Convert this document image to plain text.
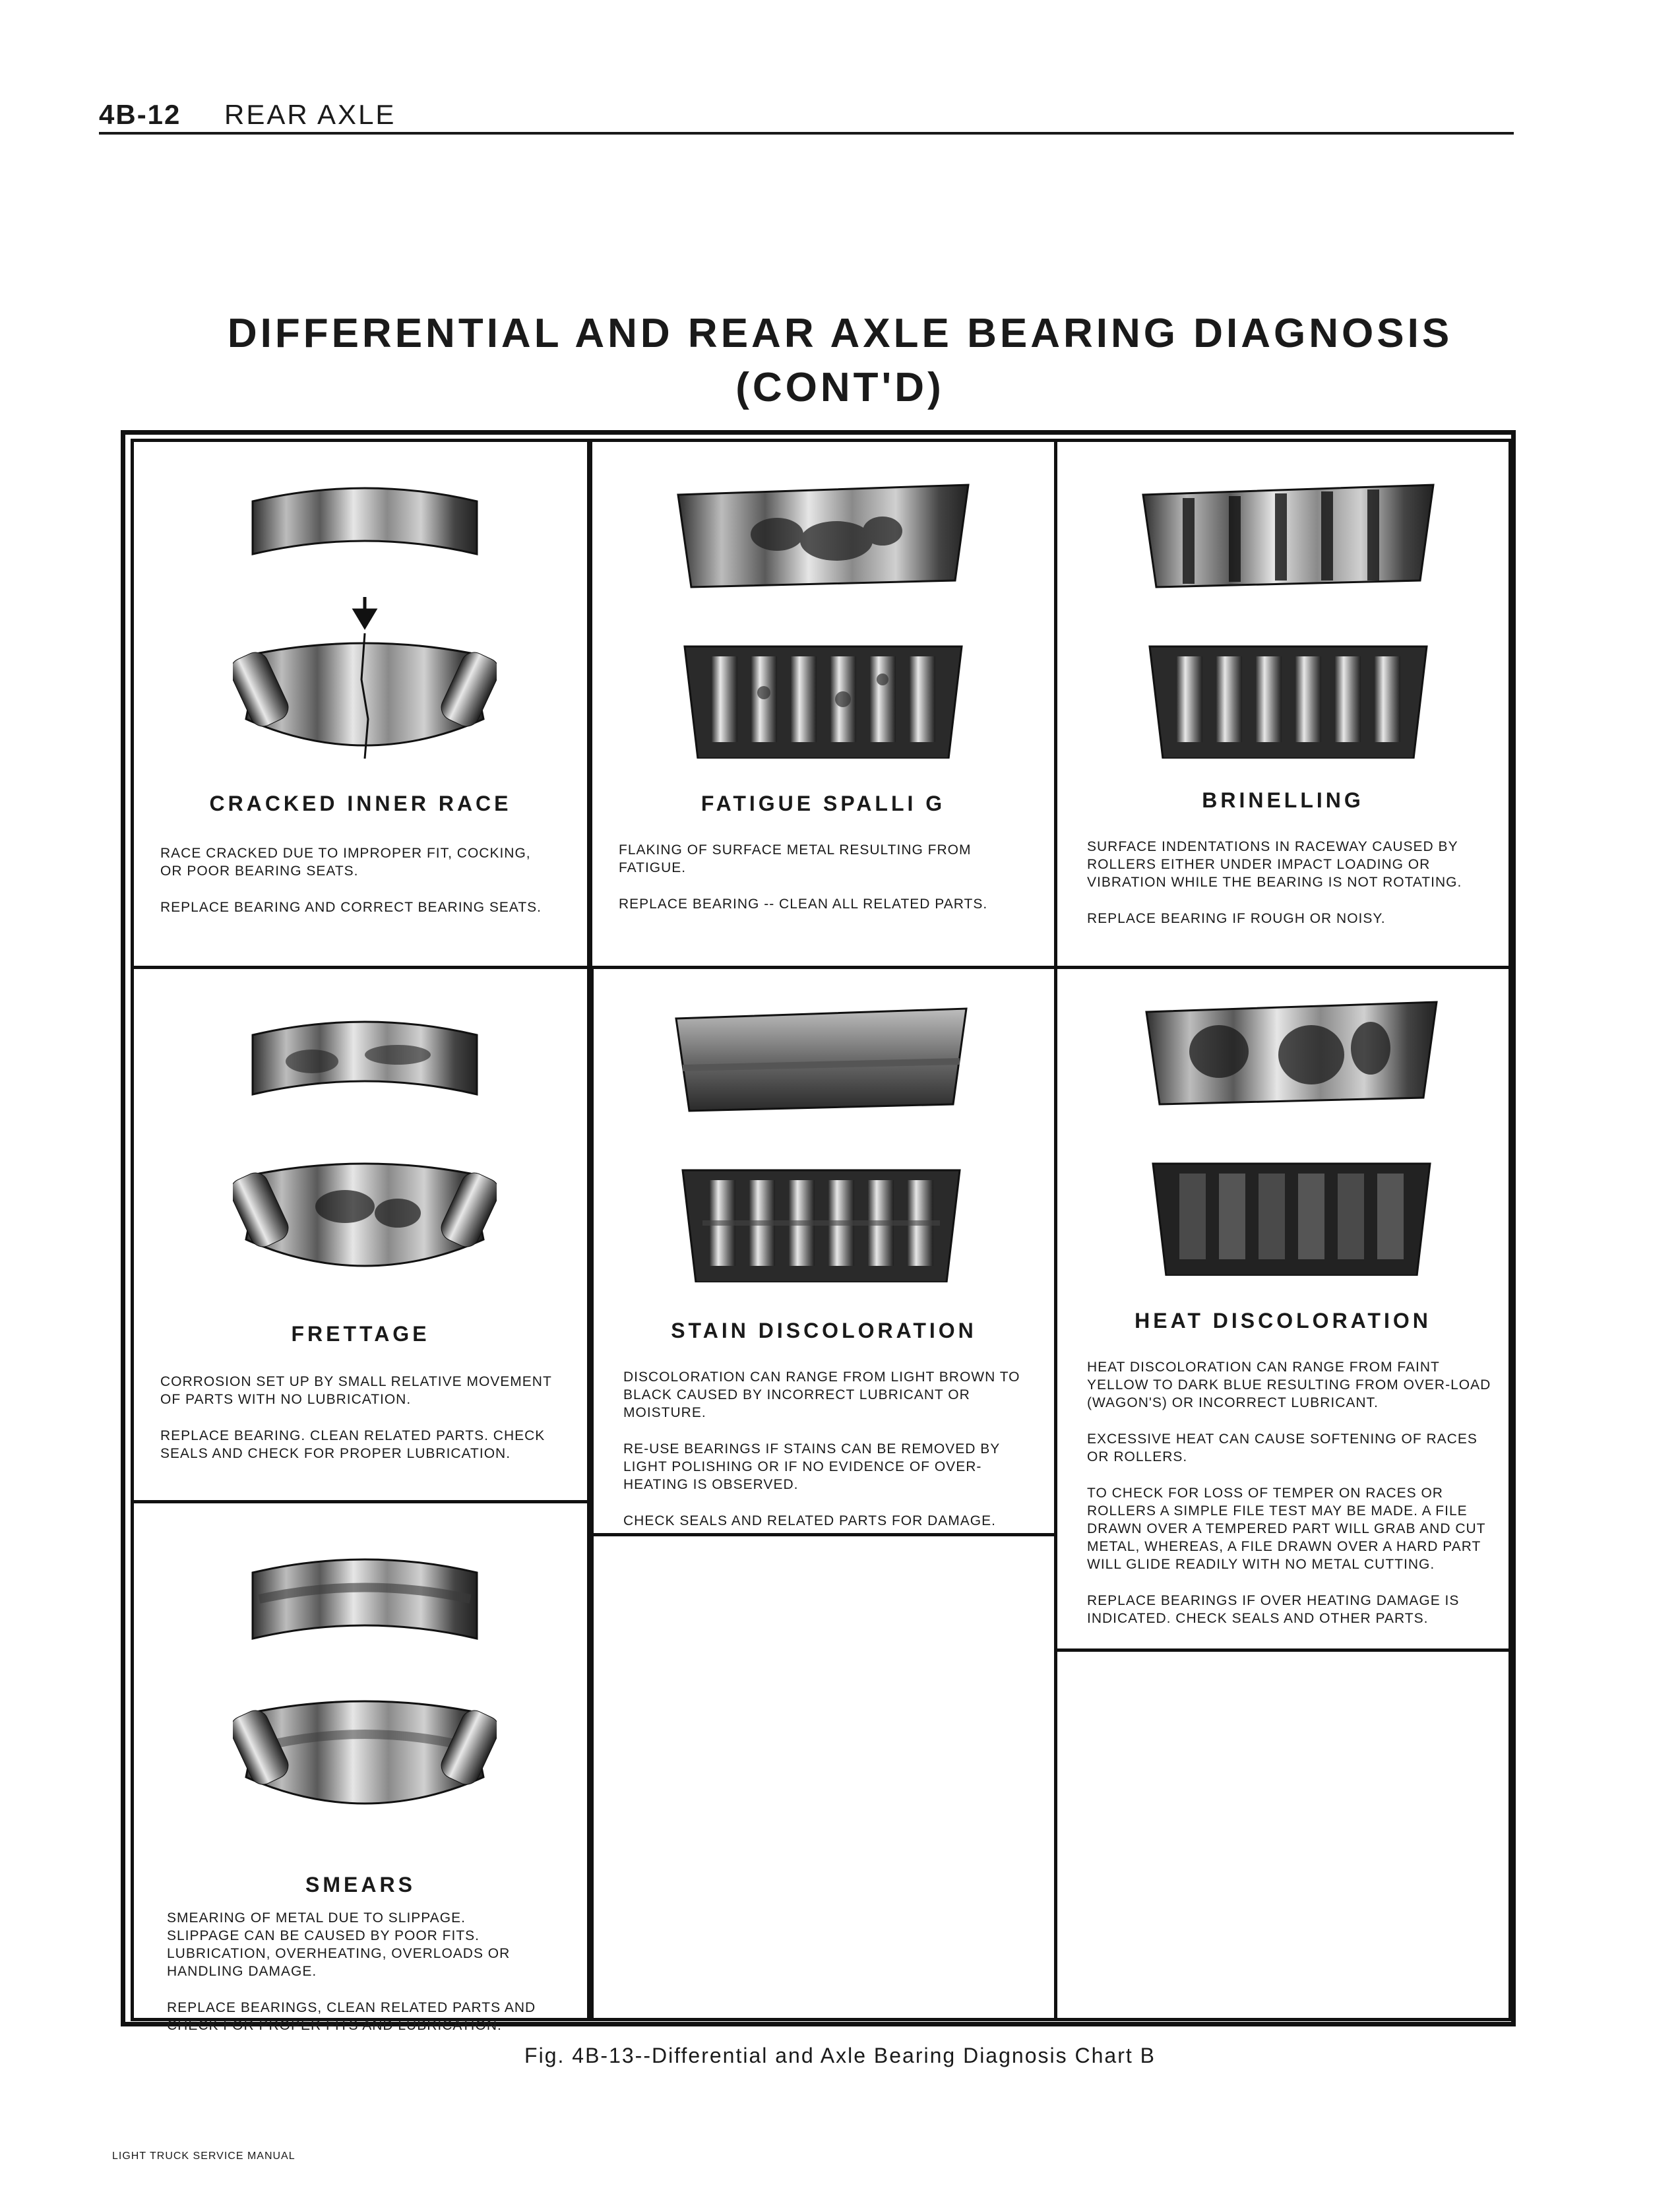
4B-12 REAR AXLE
DIFFERENTIAL AND REAR AXLE BEARING DIAGNOSIS
(CONT'D)
CRACKED INNER RACE

RACE CRACKED DUE TO IMPROPER FIT, COCKING, OR POOR BEARING SEATS.

REPLACE BEARING AND CORRECT BEARING SEATS.

FATIGUE SPALLI G

FLAKING OF SURFACE METAL RESULTING FROM FATIGUE.

REPLACE BEARING -- CLEAN ALL RELATED PARTS.

BRINELLING

SURFACE INDENTATIONS IN RACEWAY CAUSED BY ROLLERS EITHER UNDER IMPACT LOADING OR VIBRATION WHILE THE BEARING IS NOT ROTATING.

REPLACE BEARING IF ROUGH OR NOISY.

FRETTAGE

CORROSION SET UP BY SMALL RELATIVE MOVEMENT OF PARTS WITH NO LUBRICATION.

REPLACE BEARING. CLEAN RELATED PARTS. CHECK SEALS AND CHECK FOR PROPER LUBRICATION.

STAIN DISCOLORATION

DISCOLORATION CAN RANGE FROM LIGHT BROWN TO BLACK CAUSED BY INCORRECT LUBRICANT OR MOISTURE.

RE-USE BEARINGS IF STAINS CAN BE REMOVED BY LIGHT POLISHING OR IF NO EVIDENCE OF OVER-HEATING IS OBSERVED.

CHECK SEALS AND RELATED PARTS FOR DAMAGE.

HEAT DISCOLORATION

HEAT DISCOLORATION CAN RANGE FROM FAINT YELLOW TO DARK BLUE RESULTING FROM OVER-LOAD (WAGON'S) OR INCORRECT LUBRICANT.

EXCESSIVE HEAT CAN CAUSE SOFTENING OF RACES OR ROLLERS.

TO CHECK FOR LOSS OF TEMPER ON RACES OR ROLLERS A SIMPLE FILE TEST MAY BE MADE. A FILE DRAWN OVER A TEMPERED PART WILL GRAB AND CUT METAL, WHEREAS, A FILE DRAWN OVER A HARD PART WILL GLIDE READILY WITH NO METAL CUTTING.

REPLACE BEARINGS IF OVER HEATING DAMAGE IS INDICATED. CHECK SEALS AND OTHER PARTS.

SMEARS

SMEARING OF METAL DUE TO SLIPPAGE. SLIPPAGE CAN BE CAUSED BY POOR FITS. LUBRICATION, OVERHEATING, OVERLOADS OR HANDLING DAMAGE.

REPLACE BEARINGS, CLEAN RELATED PARTS AND CHECK FOR PROPER FITS AND LUBRICATION.

Fig. 4B-13--Differential and Axle Bearing Diagnosis Chart B
LIGHT TRUCK SERVICE MANUAL
